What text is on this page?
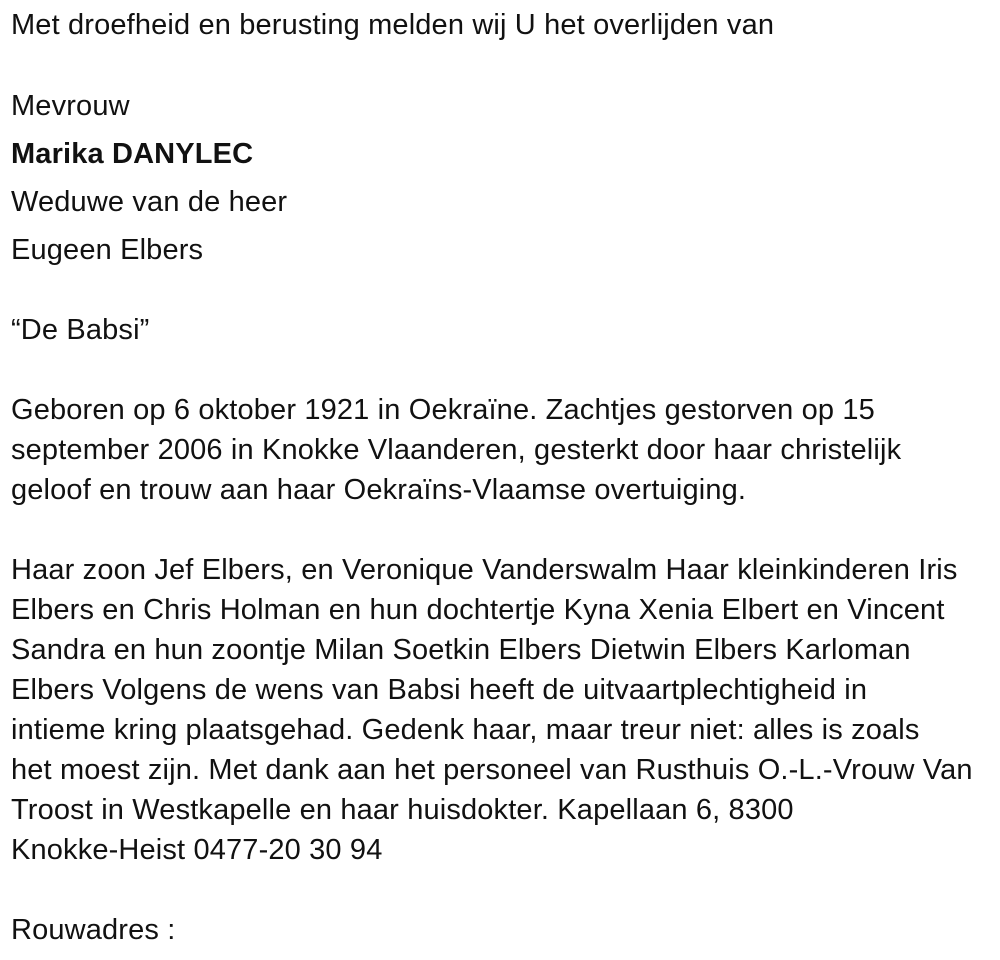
Met droefheid en berusting melden wij U het overlijden van
Mevrouw
Marika DANYLEC
Weduwe van de heer
Eugeen Elbers
“De Babsi”
Geboren op 6 oktober 1921 in Oekraïne. Zachtjes gestorven op 15
september 2006 in Knokke Vlaanderen, gesterkt door haar christelijk
geloof en trouw aan haar Oekraïns-Vlaamse overtuiging.
Haar zoon Jef Elbers, en Veronique Vanderswalm Haar kleinkinderen Iris
Elbers en Chris Holman en hun dochtertje Kyna Xenia Elbert en Vincent
Sandra en hun zoontje Milan Soetkin Elbers Dietwin Elbers Karloman
Elbers Volgens de wens van Babsi heeft de uitvaartplechtigheid in
intieme kring plaatsgehad. Gedenk haar, maar treur niet: alles is zoals
het moest zijn. Met dank aan het personeel van Rusthuis O.-L.-Vrouw Van
Troost in Westkapelle en haar huisdokter. Kapellaan 6, 8300
Knokke-Heist 0477-20 30 94
Rouwadres :
